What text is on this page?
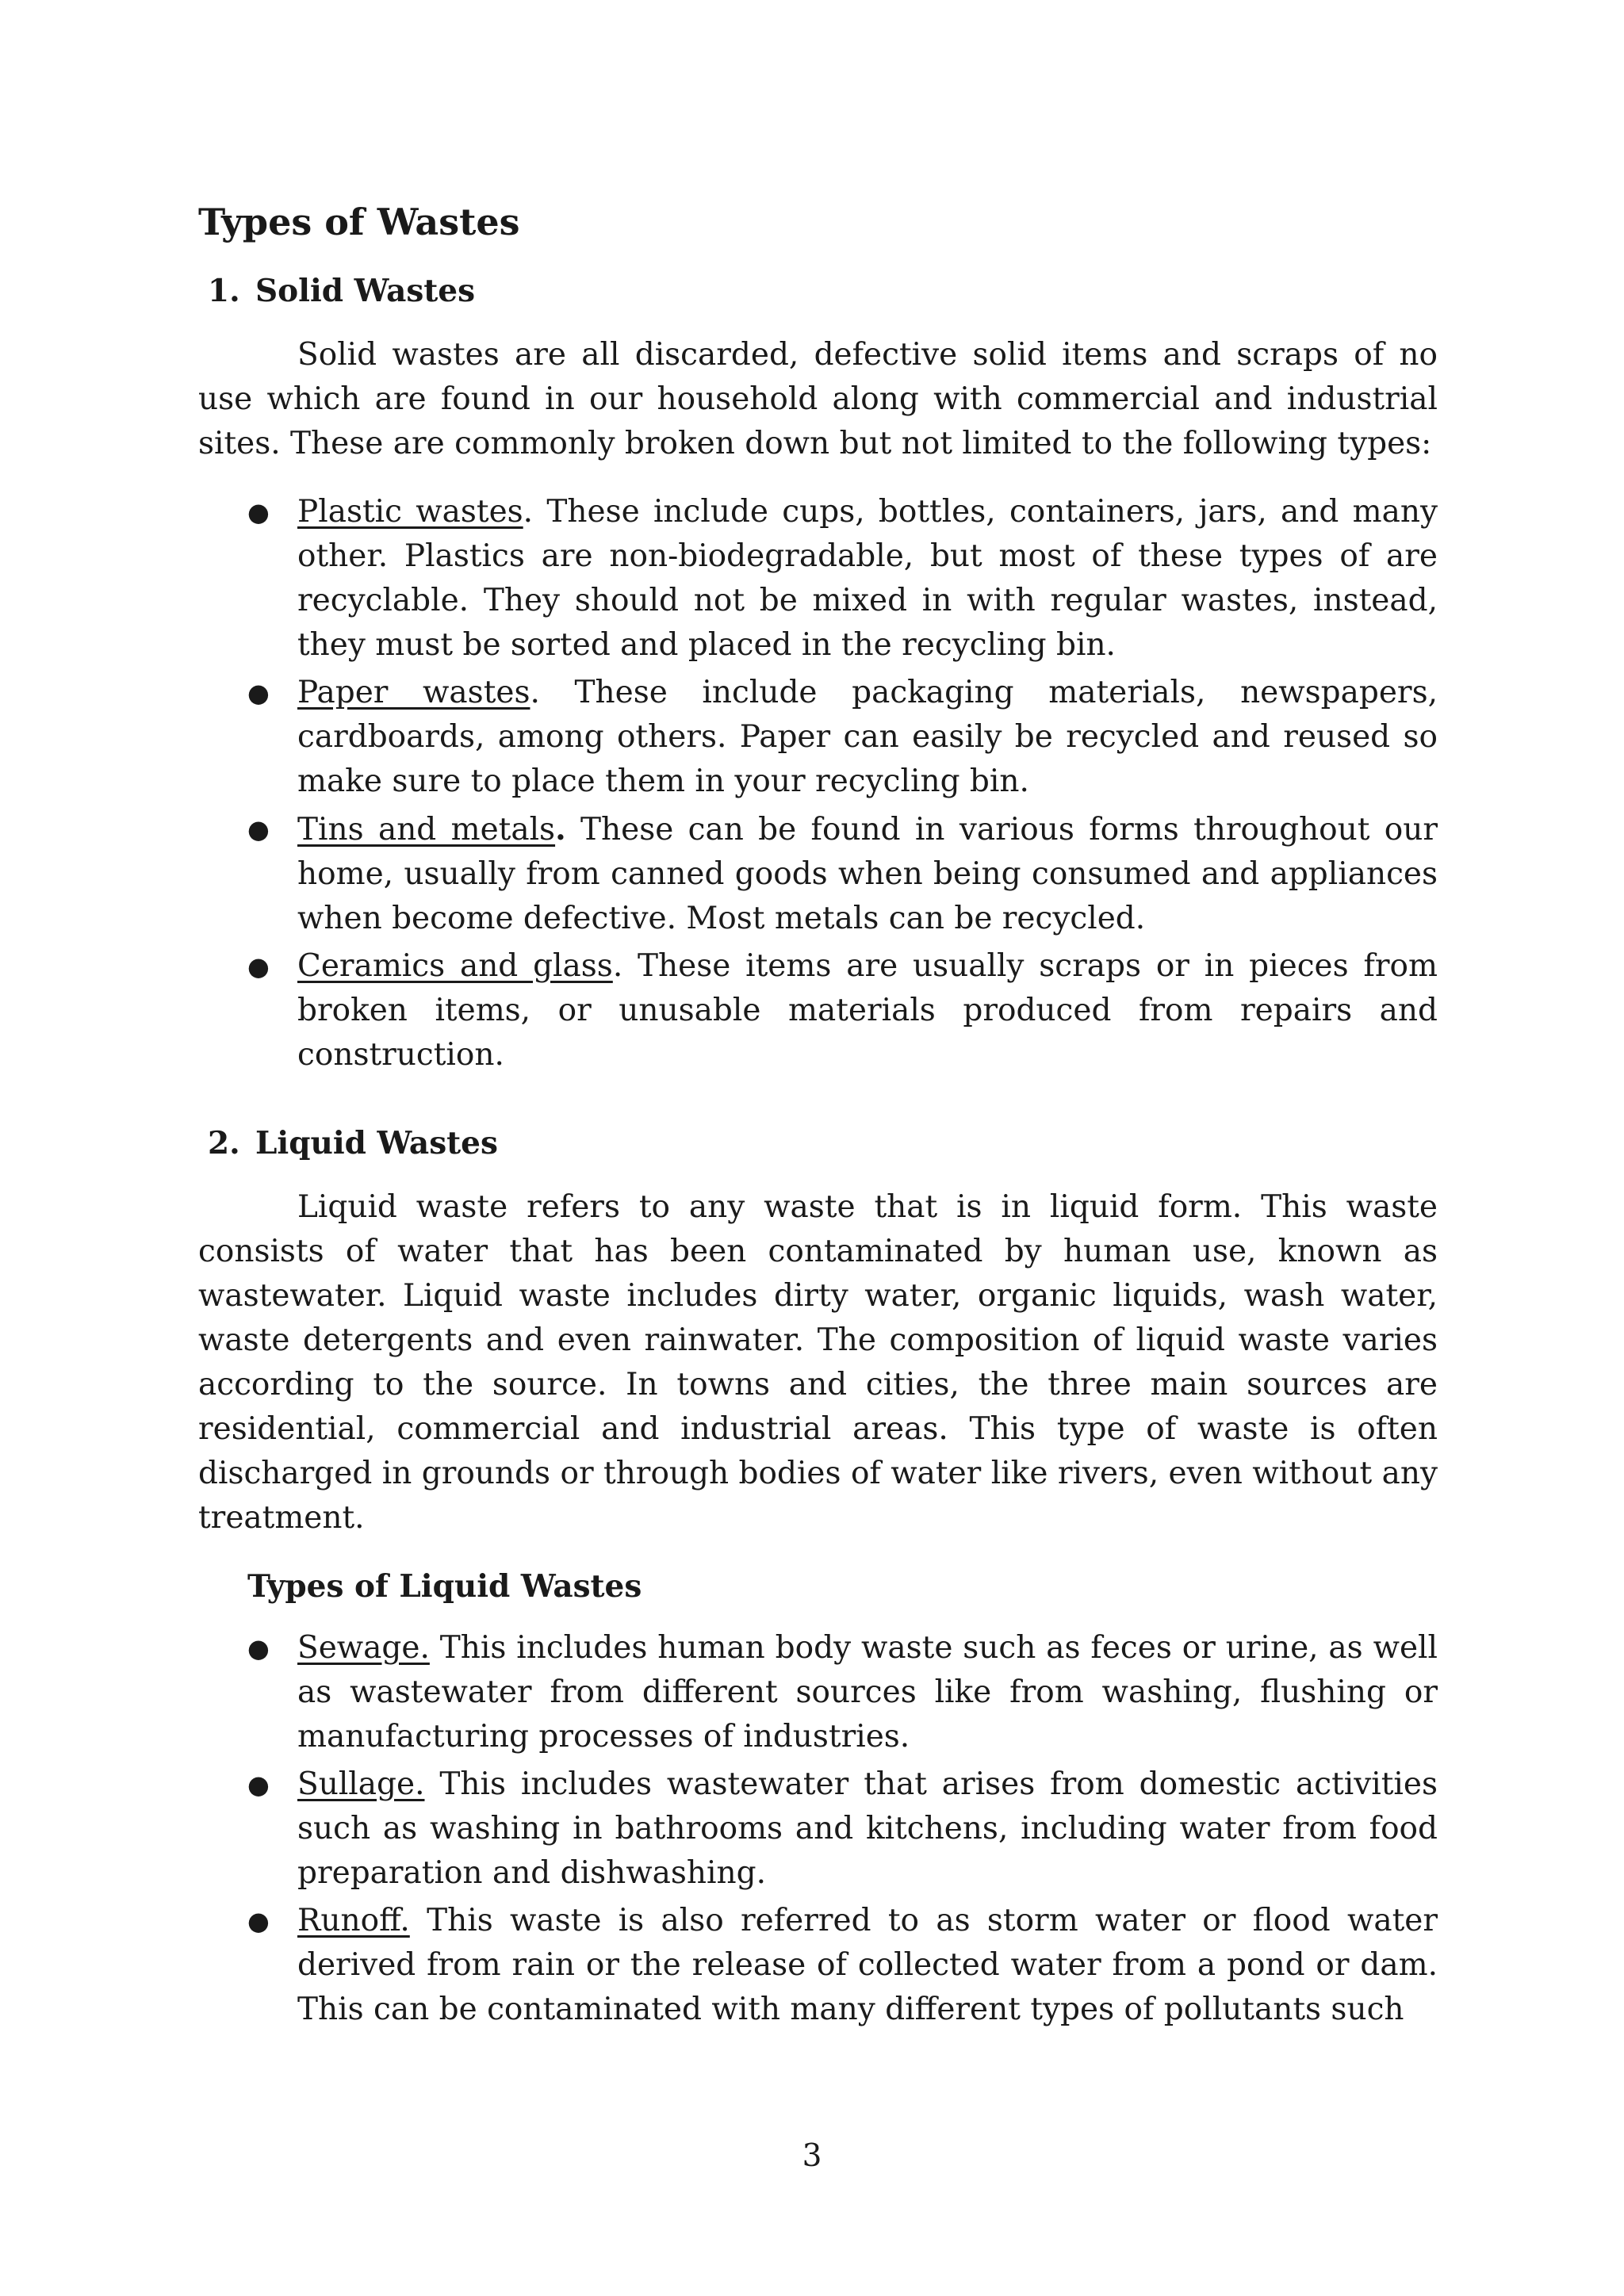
Types of Wastes
1. Solid Wastes

Solid wastes are all discarded, defective solid items and scraps of no use which are found in our household along with commercial and industrial sites. These are commonly broken down but not limited to the following types:

● Plastic wastes. These include cups, bottles, containers, jars, and many other. Plastics are non-biodegradable, but most of these types of are recyclable. They should not be mixed in with regular wastes, instead, they must be sorted and placed in the recycling bin.
● Paper wastes. These include packaging materials, newspapers, cardboards, among others. Paper can easily be recycled and reused so make sure to place them in your recycling bin.
● Tins and metals. These can be found in various forms throughout our home, usually from canned goods when being consumed and appliances when become defective. Most metals can be recycled.
● Ceramics and glass. These items are usually scraps or in pieces from broken items, or unusable materials produced from repairs and construction.
2. Liquid Wastes

Liquid waste refers to any waste that is in liquid form. This waste consists of water that has been contaminated by human use, known as wastewater. Liquid waste includes dirty water, organic liquids, wash water, waste detergents and even rainwater. The composition of liquid waste varies according to the source. In towns and cities, the three main sources are residential, commercial and industrial areas. This type of waste is often discharged in grounds or through bodies of water like rivers, even without any treatment.

Types of Liquid Wastes
● Sewage. This includes human body waste such as feces or urine, as well as wastewater from different sources like from washing, flushing or manufacturing processes of industries.
● Sullage. This includes wastewater that arises from domestic activities such as washing in bathrooms and kitchens, including water from food preparation and dishwashing.
● Runoff. This waste is also referred to as storm water or flood water derived from rain or the release of collected water from a pond or dam. This can be contaminated with many different types of pollutants such
3
